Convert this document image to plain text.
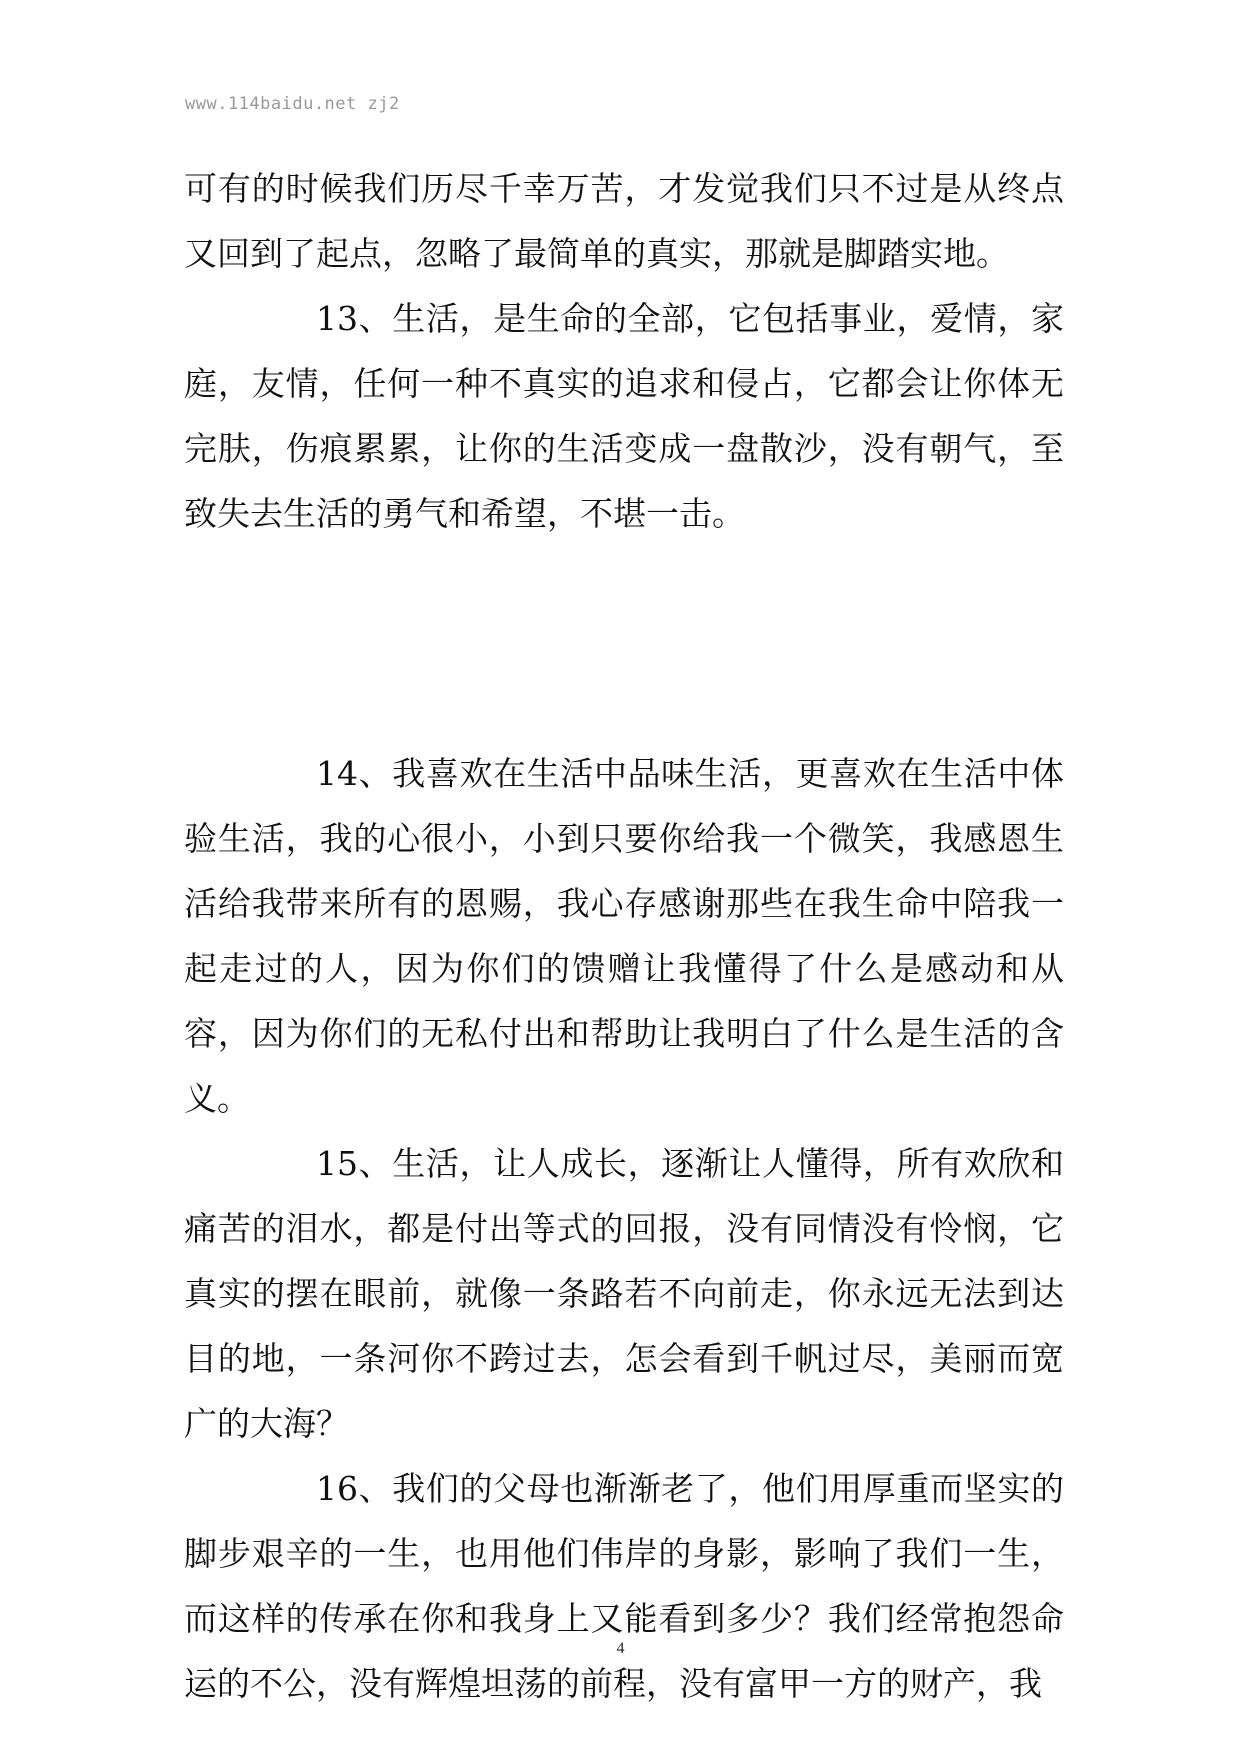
www.114baidu.net zj2

可有的时候我们历尽千幸万苦，才发觉我们只不过是从终点又回到了起点，忽略了最简单的真实，那就是脚踏实地。

13、生活，是生命的全部，它包括事业，爱情，家庭，友情，任何一种不真实的追求和侵占，它都会让你体无完肤，伤痕累累，让你的生活变成一盘散沙，没有朝气，至致失去生活的勇气和希望，不堪一击。

14、我喜欢在生活中品味生活，更喜欢在生活中体验生活，我的心很小，小到只要你给我一个微笑，我感恩生活给我带来所有的恩赐，我心存感谢那些在我生命中陪我一起走过的人，因为你们的馈赠让我懂得了什么是感动和从容，因为你们的无私付出和帮助让我明白了什么是生活的含义。

15、生活，让人成长，逐渐让人懂得，所有欢欣和痛苦的泪水，都是付出等式的回报，没有同情没有怜悯，它真实的摆在眼前，就像一条路若不向前走，你永远无法到达目的地，一条河你不跨过去，怎会看到千帆过尽，美丽而宽广的大海？

16、我们的父母也渐渐老了，他们用厚重而坚实的脚步艰辛的一生，也用他们伟岸的身影，影响了我们一生，而这样的传承在你和我身上又能看到多少？我们经常抱怨命运的不公，没有辉煌坦荡的前程，没有富甲一方的财产，我

4
